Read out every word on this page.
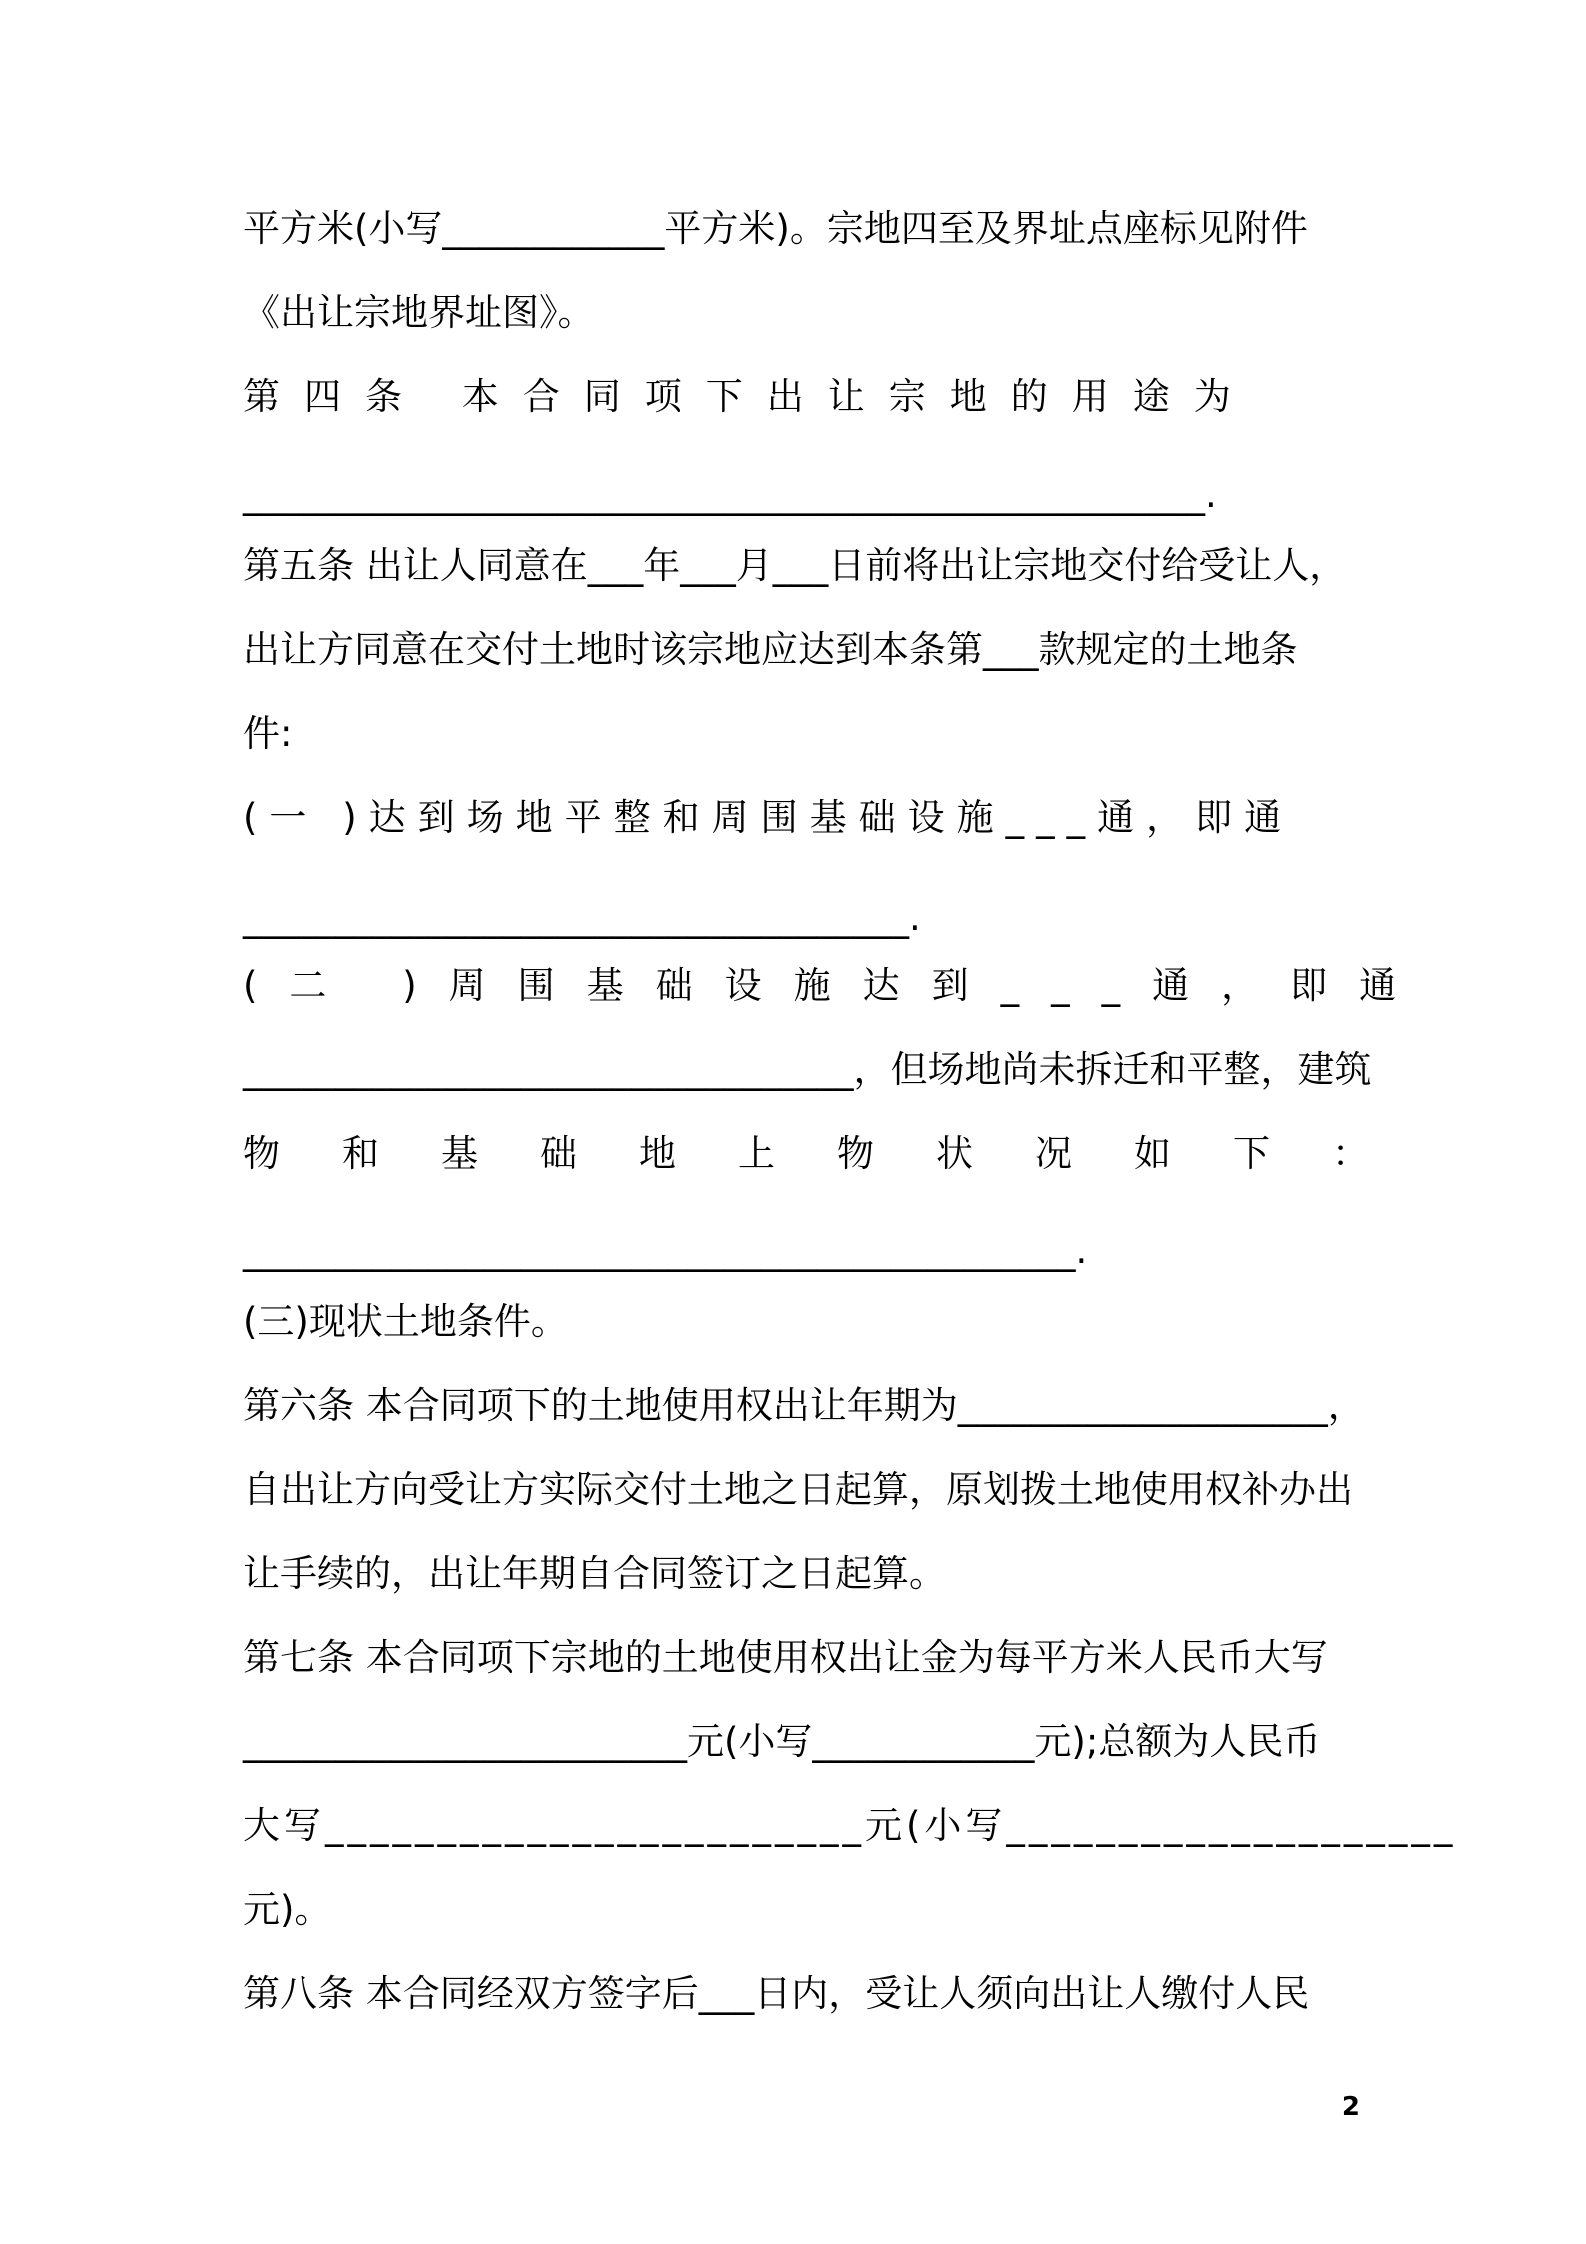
平方米(小写____________平方米)。宗地四至及界址点座标见附件
《出让宗地界址图》。
第四条 本合同项下出让宗地的用途为
____________________________________________________.
第五条 出让人同意在___年___月___日前将出让宗地交付给受让人，
出让方同意在交付土地时该宗地应达到本条第___款规定的土地条
件:
(一 )达到场地平整和周围基础设施___通，即通
____________________________________.
(二 )周围基础设施达到___通，即通
_________________________________，但场地尚未拆迁和平整，建筑
物和基础地上物状况如下：
_____________________________________________.
(三)现状土地条件。
第六条 本合同项下的土地使用权出让年期为____________________，
自出让方向受让方实际交付土地之日起算，原划拨土地使用权补办出
让手续的，出让年期自合同签订之日起算。
第七条 本合同项下宗地的土地使用权出让金为每平方米人民币大写
________________________元(小写____________元);总额为人民币
大写________________________元(小写____________________
元)。
第八条 本合同经双方签字后___日内，受让人须向出让人缴付人民
2
